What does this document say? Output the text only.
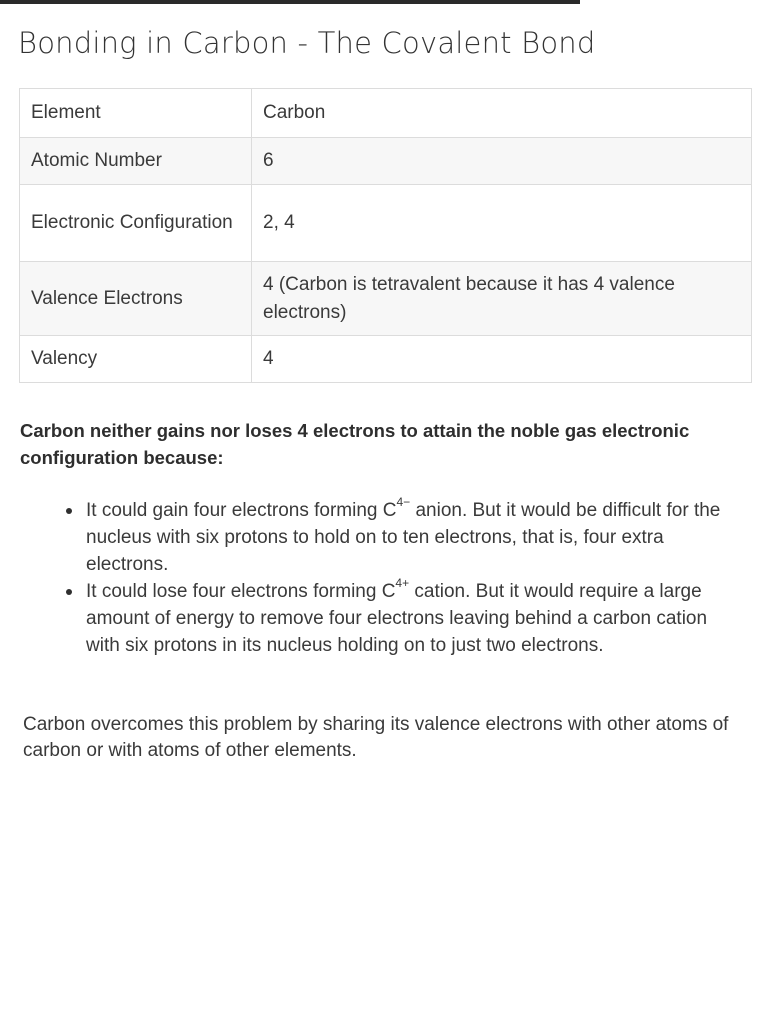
Bonding in Carbon - The Covalent Bond
Element	Carbon
Atomic Number	6
Electronic Configuration	2, 4
Valence Electrons	4 (Carbon is tetravalent because it has 4 valence electrons)
Valency	4

Carbon neither gains nor loses 4 electrons to attain the noble gas electronic configuration because:

It could gain four electrons forming $C^{4-}$ anion. But it would be difficult for the nucleus with six protons to hold on to ten electrons, that is, four extra electrons.
It could lose four electrons forming $C^{4+}$ cation. But it would require a large amount of energy to remove four electrons leaving behind a carbon cation with six protons in its nucleus holding on to just two electrons.

Carbon overcomes this problem by sharing its valence electrons with other atoms of carbon or with atoms of other elements.
